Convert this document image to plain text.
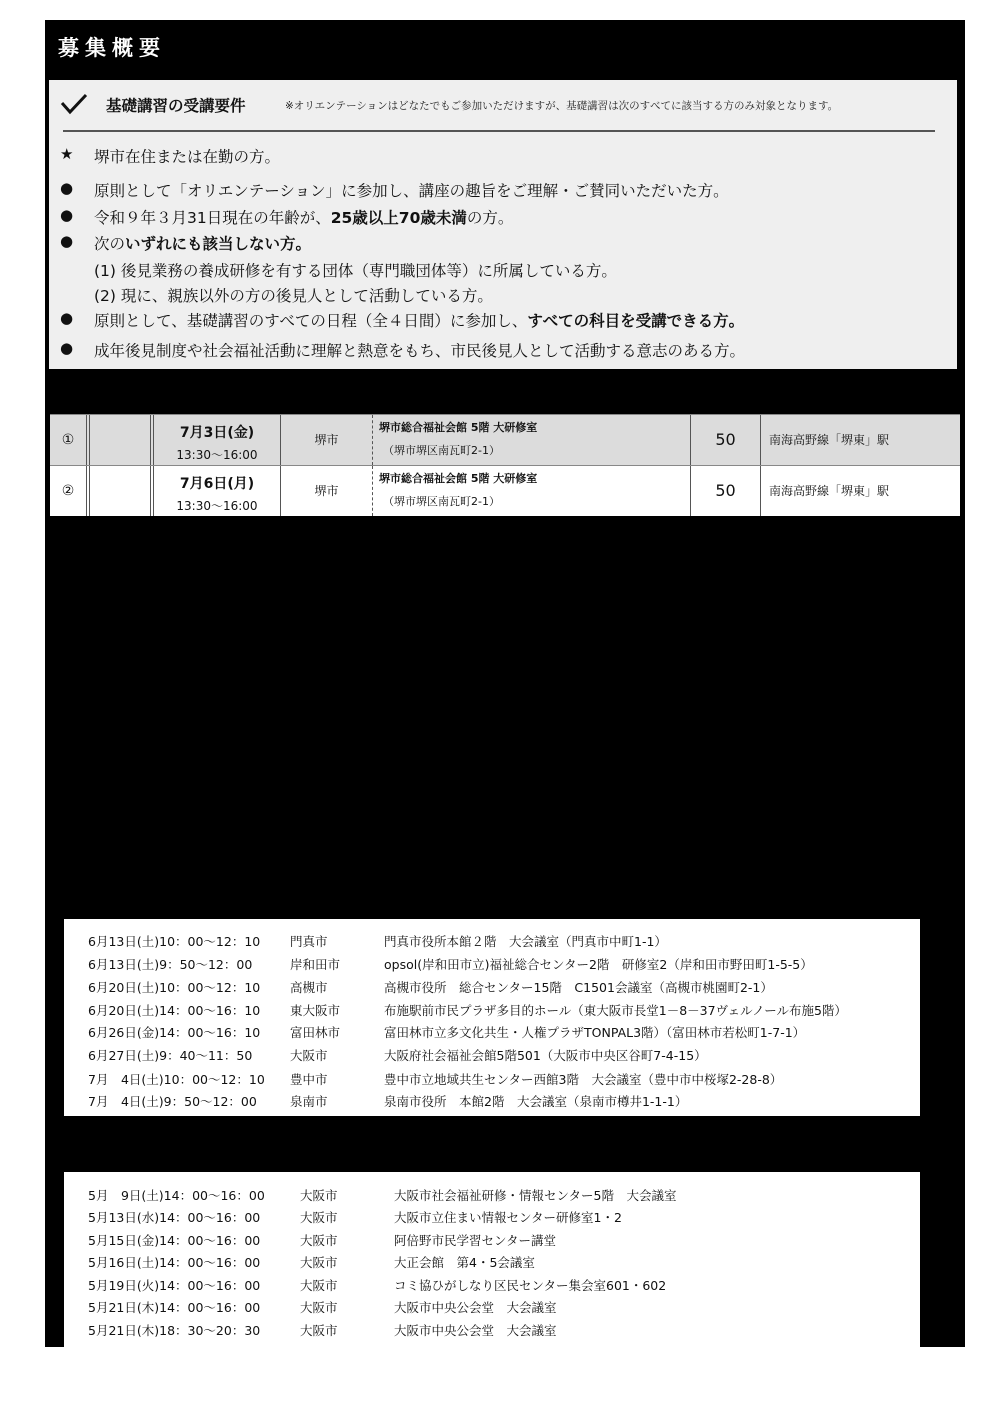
募集概要
基礎講習の受講要件	※オリエンテーションはどなたでもご参加いただけますが、基礎講習は次のすべてに該当する方のみ対象となります。
★ 堺市在住または在勤の方。
● 原則として「オリエンテーション」に参加し、講座の趣旨をご理解・ご賛同いただいた方。
● 令和９年３月31日現在の年齢が、25歳以上70歳未満の方。
● 次のいずれにも該当しない方。
(1) 後見業務の養成研修を有する団体（専門職団体等）に所属している方。
(2) 現に、親族以外の方の後見人として活動している方。
● 原則として、基礎講習のすべての日程（全４日間）に参加し、すべての科目を受講できる方。
● 成年後見制度や社会福祉活動に理解と熱意をもち、市民後見人として活動する意志のある方。
①	7月3日(金)
13:30～16:00
堺市
堺市総合福祉会館 5階 大研修室
（堺市堺区南瓦町2-1）
50	南海高野線「堺東」駅
②	7月6日(月)
13:30～16:00
堺市
堺市総合福祉会館 5階 大研修室
（堺市堺区南瓦町2-1）
50	南海高野線「堺東」駅
6月13日(土)10：00～12：10 門真市	門真市役所本館２階　大会議室（門真市中町1-1）
6月13日(土)9：50～12：00	岸和田市	opsol(岸和田市立)福祉総合センター2階　研修室2（岸和田市野田町1-5-5）
6月20日(土)10：00～12：10 高槻市	高槻市役所　総合センター15階　C1501会議室（高槻市桃園町2-1）
6月20日(土)14：00～16：10 東大阪市	布施駅前市民プラザ多目的ホール（東大阪市長堂1－8－37ヴェルノール布施5階）
6月26日(金)14：00～16：10 富田林市	富田林市立多文化共生・人権プラザTONPAL3階）（富田林市若松町1-7-1）
6月27日(土)9：40～11：50	大阪市	大阪府社会福祉会館5階501（大阪市中央区谷町7-4-15）
7月　4日(土)10：00～12：10 豊中市	豊中市立地域共生センター西館3階　大会議室（豊中市中桜塚2-28-8）
7月　4日(土)9：50～12：00	泉南市	泉南市役所　本館2階　大会議室（泉南市樽井1-1-1）
5月　9日(土)14：00～16：00	大阪市	大阪市社会福祉研修・情報センター5階　大会議室
5月13日(水)14：00～16：00	大阪市	大阪市立住まい情報センター研修室1・2
5月15日(金)14：00～16：00	大阪市	阿倍野市民学習センター講堂
5月16日(土)14：00～16：00	大阪市	大正会館　第4・5会議室
5月19日(火)14：00～16：00	大阪市	コミ協ひがしなり区民センター集会室601・602
5月21日(木)14：00～16：00	大阪市	大阪市中央公会堂　大会議室
5月21日(木)18：30～20：30	大阪市	大阪市中央公会堂　大会議室
